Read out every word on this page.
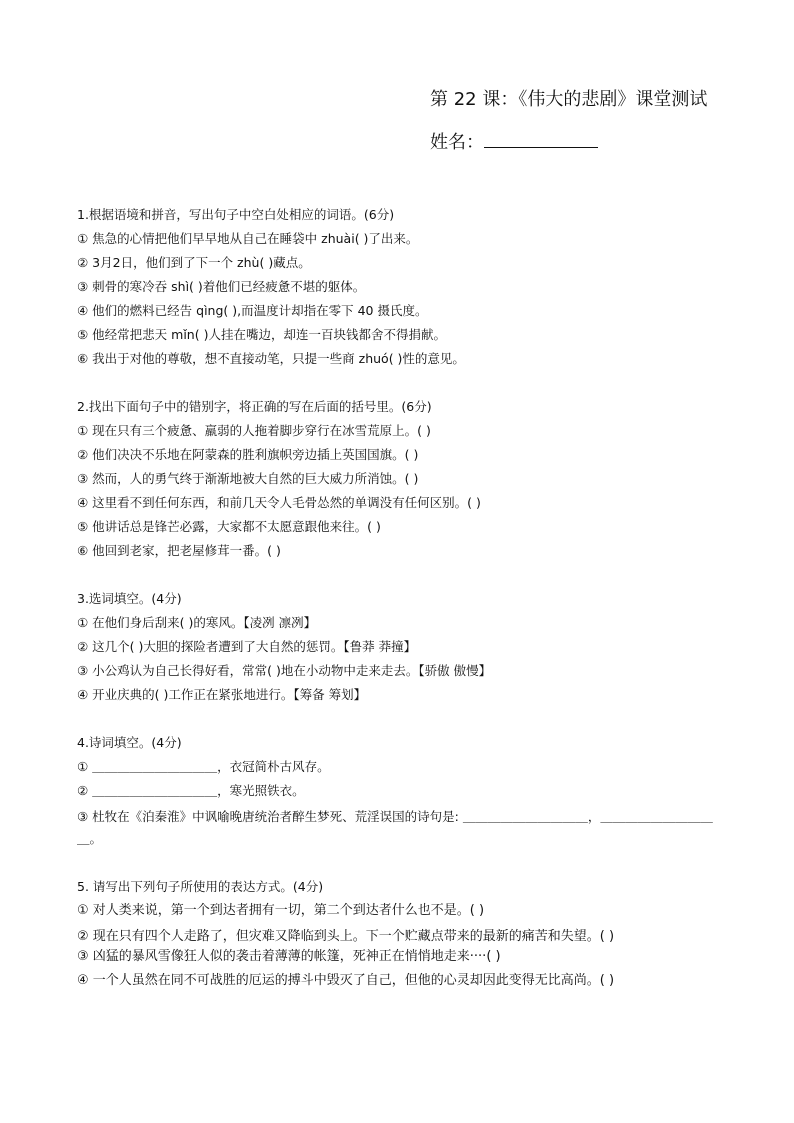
第 22 课：《伟大的悲剧》课堂测试
姓名：
1.根据语境和拼音，写出句子中空白处相应的词语。(6分)
① 焦急的心情把他们早早地从自己在睡袋中 zhuài( )了出来。
② 3月2日，他们到了下一个 zhù( )藏点。
③ 刺骨的寒冷吞 shì( )着他们已经疲惫不堪的躯体。
④ 他们的燃料已经告 qìng( ),而温度计却指在零下 40 摄氏度。
⑤ 他经常把悲天 mǐn( )人挂在嘴边，却连一百块钱都舍不得捐献。
⑥ 我出于对他的尊敬，想不直接动笔，只提一些商 zhuó( )性的意见。
2.找出下面句子中的错别字，将正确的写在后面的括号里。(6分)
① 现在只有三个疲惫、羸弱的人拖着脚步穿行在冰雪荒原上。( )
② 他们决决不乐地在阿蒙森的胜利旗帜旁边插上英国国旗。( )
③ 然而，人的勇气终于渐渐地被大自然的巨大威力所消蚀。( )
④ 这里看不到任何东西，和前几天令人毛骨怂然的单调没有任何区别。( )
⑤ 他讲话总是锋芒必露，大家都不太愿意跟他来往。( )
⑥ 他回到老家，把老屋修茸一番。( )
3.选词填空。(4分)
① 在他们身后刮来( )的寒风。【凌冽 凛冽】
② 这几个( )大胆的探险者遭到了大自然的惩罚。【鲁莽 莽撞】
③ 小公鸡认为自己长得好看，常常( )地在小动物中走来走去。【骄傲 傲慢】
④ 开业庆典的( )工作正在紧张地进行。【筹备 筹划】
4.诗词填空。(4分)
① ＿＿＿＿＿＿＿＿＿＿，衣冠简朴古风存。
② ＿＿＿＿＿＿＿＿＿＿，寒光照铁衣。
③ 杜牧在《泊秦淮》中讽喻晚唐统治者醉生梦死、荒淫误国的诗句是: ＿＿＿＿＿＿＿＿＿＿，＿＿＿＿＿＿＿＿＿＿。
5. 请写出下列句子所使用的表达方式。(4分)
① 对人类来说，第一个到达者拥有一切，第二个到达者什么也不是。( )
② 现在只有四个人走路了，但灾难又降临到头上。下一个贮藏点带来的最新的痛苦和失望。( )
③ 凶猛的暴风雪像狂人似的袭击着薄薄的帐篷，死神正在悄悄地走来····( )
④ 一个人虽然在同不可战胜的厄运的搏斗中毁灭了自己，但他的心灵却因此变得无比高尚。( )
